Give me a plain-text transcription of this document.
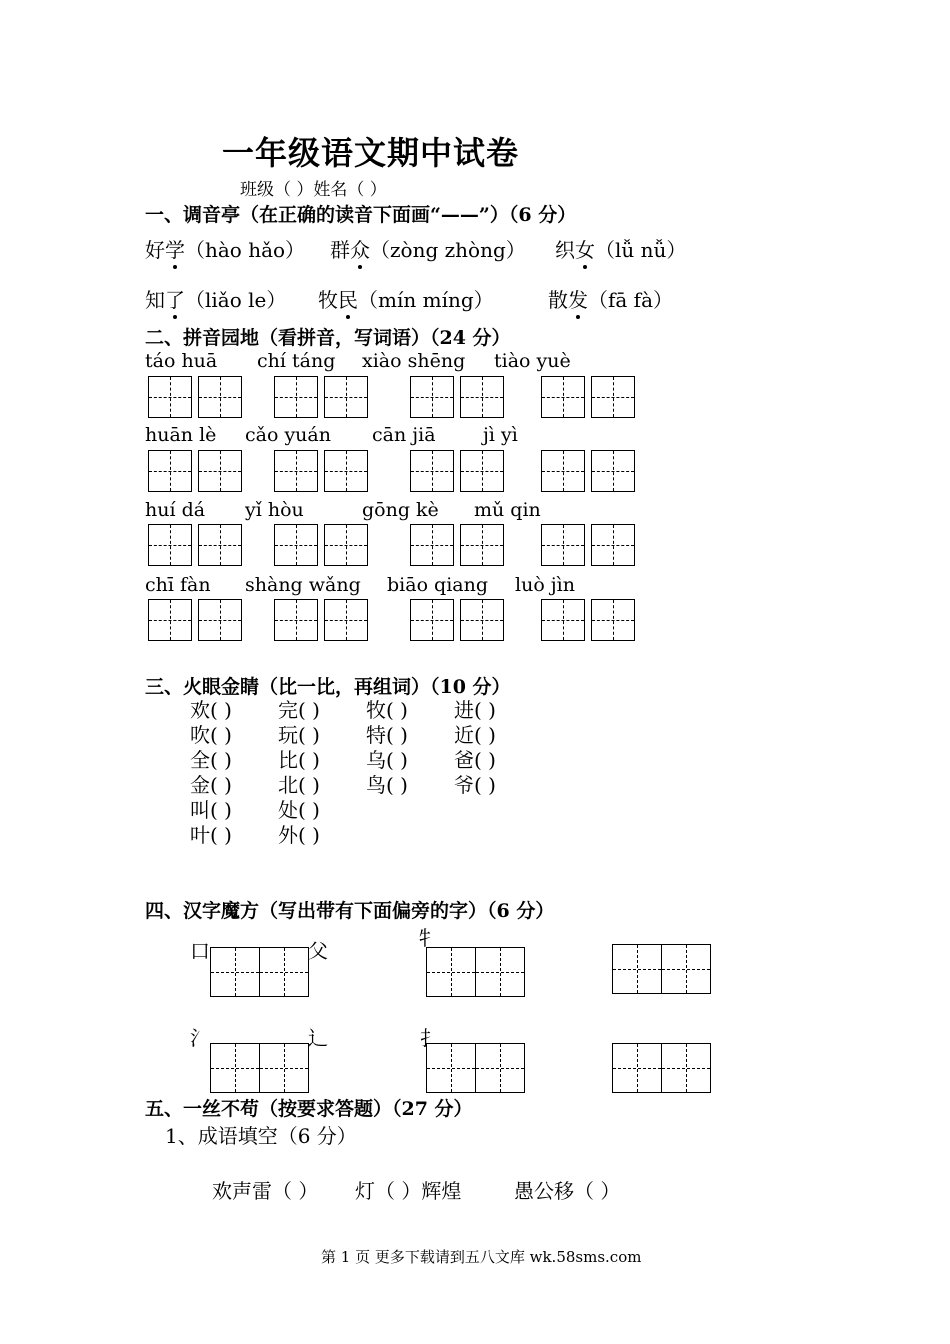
一年级语文期中试卷
班级（ ）姓名（ ）
一、调音亭（在正确的读音下面画“——”）（6 分）
好学（hào hǎo） 群众（zòng zhòng） 织女（lǚ nǚ）
知了（liǎo le） 牧民（mín míng）	散发（fā fà）
二、拼音园地（看拼音，写词语）（24 分）
táo huā chí táng xiào shēng tiào yuè
huān lè cǎo yuán cān jiā jì yì
huí dá yǐ hòu	gōng kè mǔ qin
chī fàn shàng wǎng biāo qiang luò jìn
三、火眼金睛（比一比，再组词）（10 分）
欢( ) 完( ) 牧( ) 进( )
吹( ) 玩( ) 特( ) 近( )
全( ) 比( ) 乌( ) 爸( )
金( ) 北( ) 鸟( ) 爷( )
叫( ) 处( )
叶( ) 外( )
四、汉字魔方（写出带有下面偏旁的字）（6 分）
口	父
牜
氵	辶	扌
五、一丝不苟（按要求答题）（27 分）
1、成语填空（6 分）
欢声雷（ ） 灯（ ）辉煌	愚公移（ ）
第 1 页 更多下载请到五八文库 wk.58sms.com
